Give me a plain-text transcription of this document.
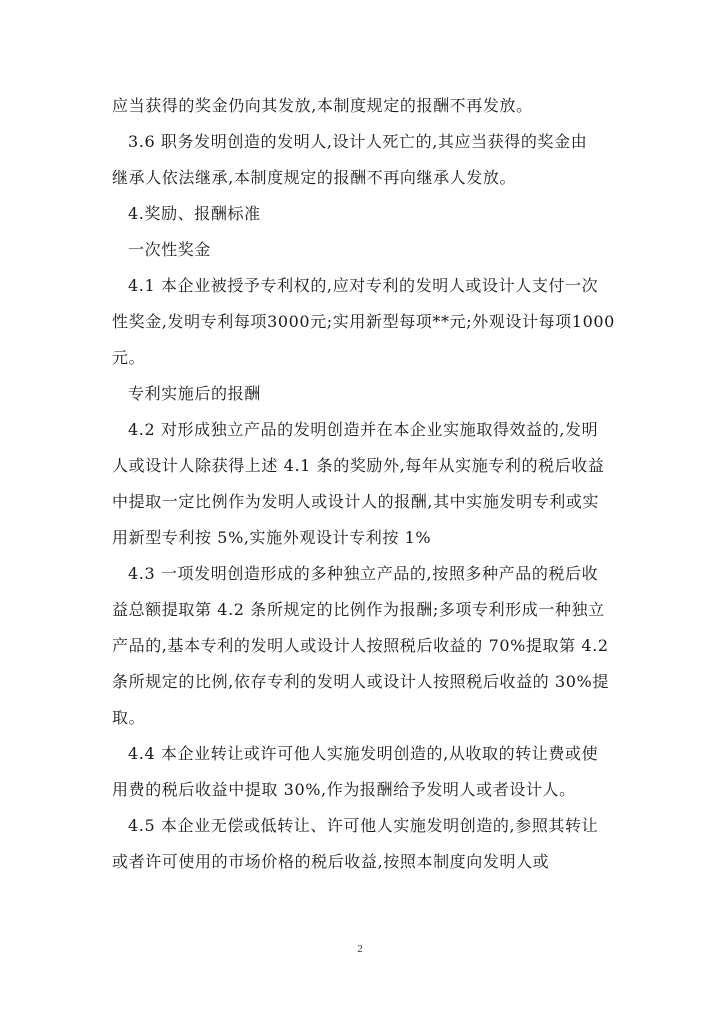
应当获得的奖金仍向其发放,本制度规定的报酬不再发放。
3.6 职务发明创造的发明人,设计人死亡的,其应当获得的奖金由
继承人依法继承,本制度规定的报酬不再向继承人发放。
4.奖励、报酬标准
一次性奖金
4.1 本企业被授予专利权的,应对专利的发明人或设计人支付一次
性奖金,发明专利每项3000元;实用新型每项**元;外观设计每项1000
元。
专利实施后的报酬
4.2 对形成独立产品的发明创造并在本企业实施取得效益的,发明
人或设计人除获得上述 4.1 条的奖励外,每年从实施专利的税后收益
中提取一定比例作为发明人或设计人的报酬,其中实施发明专利或实
用新型专利按 5%,实施外观设计专利按 1%
4.3 一项发明创造形成的多种独立产品的,按照多种产品的税后收
益总额提取第 4.2 条所规定的比例作为报酬;多项专利形成一种独立
产品的,基本专利的发明人或设计人按照税后收益的 70%提取第 4.2
条所规定的比例,依存专利的发明人或设计人按照税后收益的 30%提
取。
4.4 本企业转让或许可他人实施发明创造的,从收取的转让费或使
用费的税后收益中提取 30%,作为报酬给予发明人或者设计人。
4.5 本企业无偿或低转让、许可他人实施发明创造的,参照其转让
或者许可使用的市场价格的税后收益,按照本制度向发明人或
2
